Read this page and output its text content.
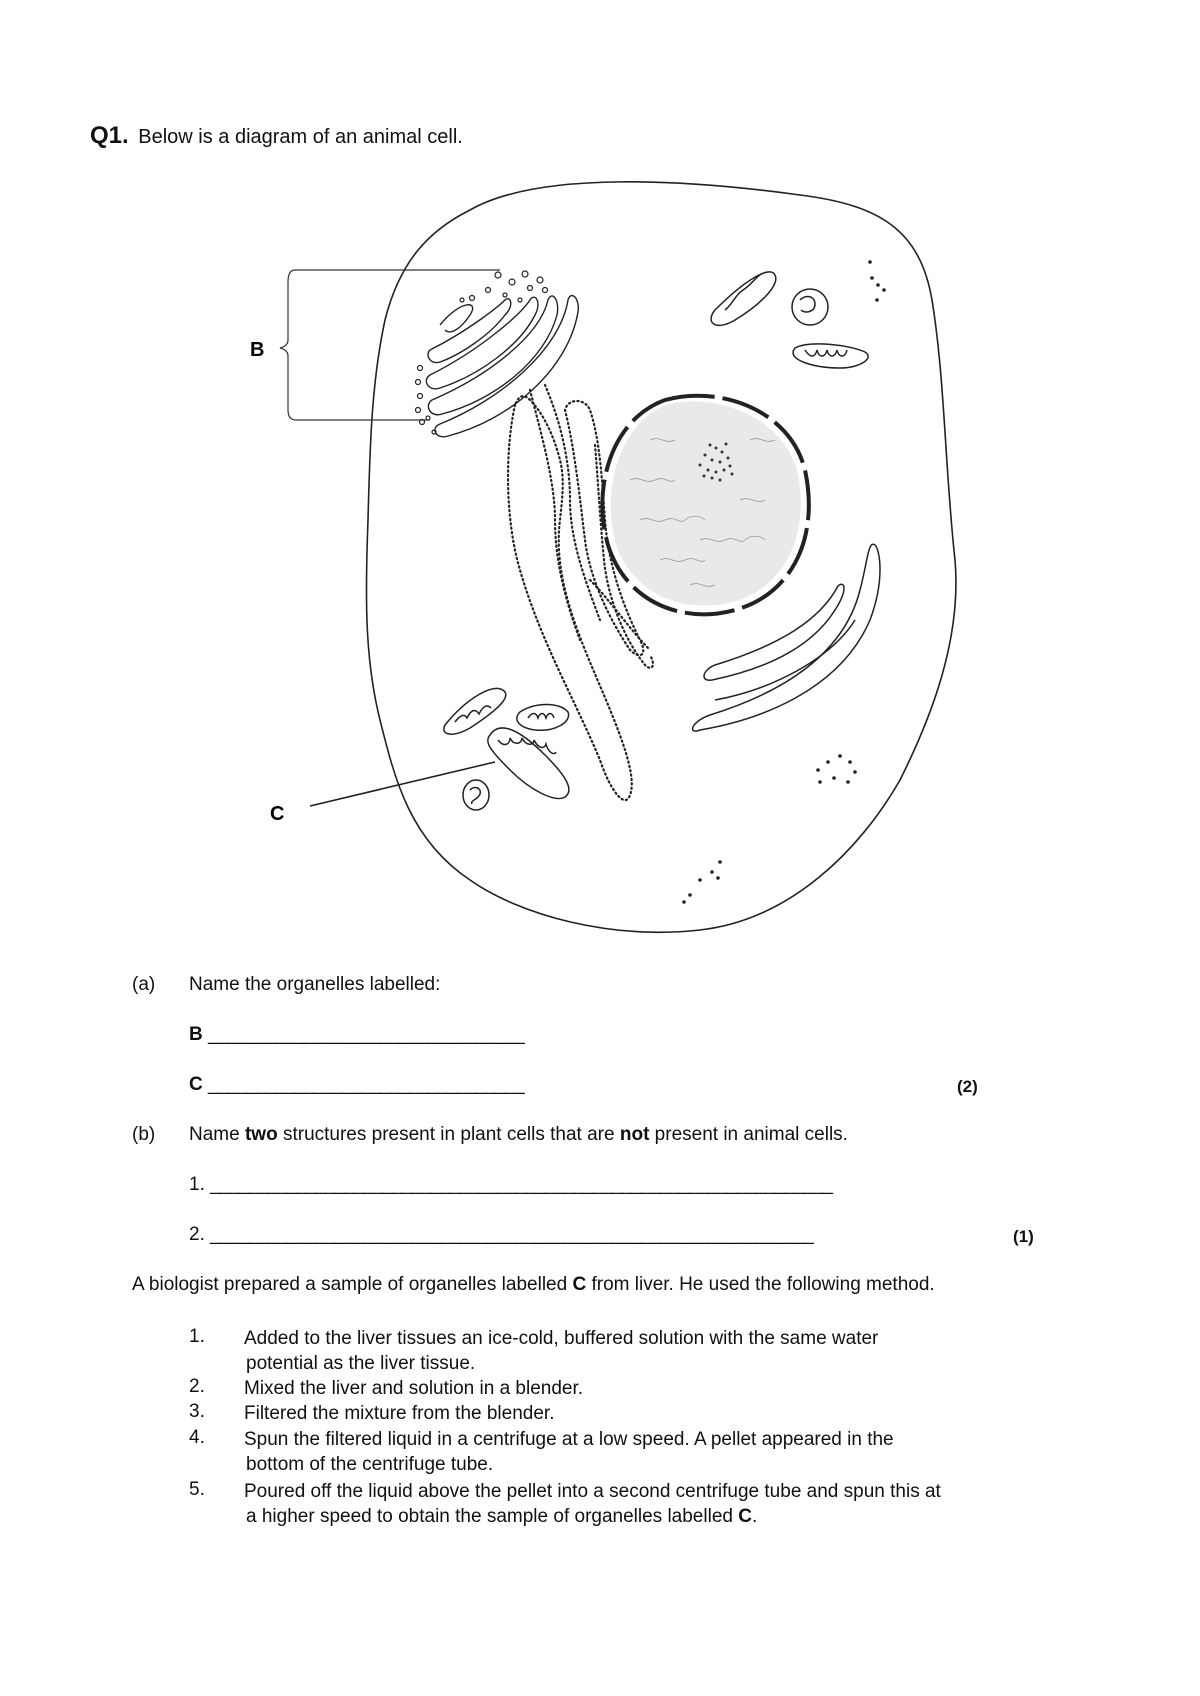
Q1. Below is a diagram of an animal cell.
B
C
(a) Name the organelles labelled:
B _________________________________
C _________________________________	(2)
(b) Name two structures present in plant cells that are not present in animal cells.
1. _________________________________________________________________
2. _______________________________________________________________	(1)
A biologist prepared a sample of organelles labelled C from liver. He used the following method.
1. Added to the liver tissues an ice-cold, buffered solution with the same water
potential as the liver tissue.
2. Mixed the liver and solution in a blender.
3. Filtered the mixture from the blender.
4. Spun the filtered liquid in a centrifuge at a low speed. A pellet appeared in the
bottom of the centrifuge tube.
5. Poured off the liquid above the pellet into a second centrifuge tube and spun this at
a higher speed to obtain the sample of organelles labelled C.
